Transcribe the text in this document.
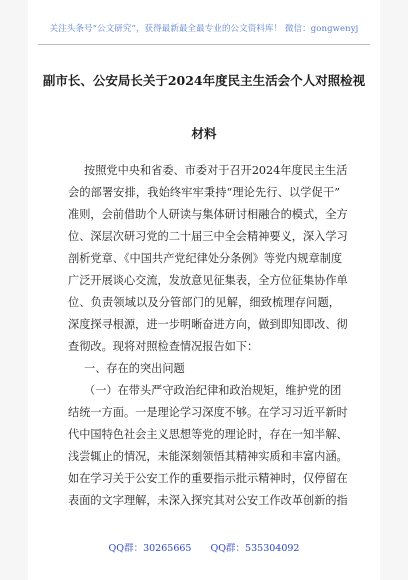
关注头条号“公文研究”，获得最新最全最专业的公文资料库！ 微信：gongwenyj
副市长、公安局长关于2024年度民主生活会个人对照检视
材料
按照党中央和省委、市委对于召开2024年度民主生活
会的部署安排，我始终牢牢秉持“理论先行、以学促干”
准则，会前借助个人研读与集体研讨相融合的模式，全方
位、深层次研习党的二十届三中全会精神要义，深入学习
剖析党章、《中国共产党纪律处分条例》等党内规章制度
广泛开展谈心交流，发放意见征集表，全方位征集协作单
位、负责领域以及分管部门的见解，细致梳理存问题，
深度探寻根源，进一步明晰奋进方向，做到即知即改、彻
查彻改。现将对照检查情况报告如下：
一、存在的突出问题
（一）在带头严守政治纪律和政治规矩，维护党的团
结统一方面。一是理论学习深度不够。在学习习近平新时
代中国特色社会主义思想等党的理论时，存在一知半解、
浅尝辄止的情况，未能深刻领悟其精神实质和丰富内涵。
如在学习关于公安工作的重要指示批示精神时，仅停留在
表面的文字理解，未深入探究其对公安工作改革创新的指
QQ群：30265665 QQ群：535304092
